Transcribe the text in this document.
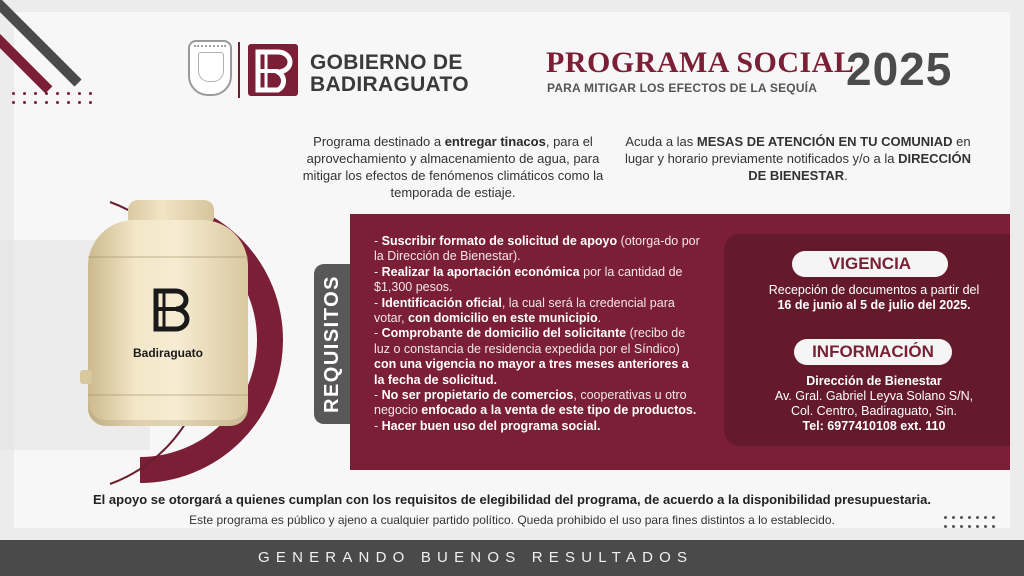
GOBIERNO DE
BADIRAGUATO
PROGRAMA SOCIAL
PARA MITIGAR LOS EFECTOS DE LA SEQUÍA 2025
Programa destinado a entregar tinacos, para el aprovechamiento y almacenamiento de agua, para mitigar los efectos de fenómenos climáticos como la temporada de estiaje.
Acuda a las MESAS DE ATENCIÓN EN TU COMUNIAD en lugar y horario previamente notificados y/o a la DIRECCIÓN DE BIENESTAR.
Badiraguato	REQUISITOS
- Suscribir formato de solicitud de apoyo (otorga-do por la Dirección de Bienestar).
- Realizar la aportación económica por la cantidad de $1,300 pesos.
- Identificación oficial, la cual será la credencial para votar, con domicilio en este municipio.
- Comprobante de domicilio del solicitante (recibo de luz o constancia de residencia expedida por el Síndico) con una vigencia no mayor a tres meses anteriores a la fecha de solicitud.
- No ser propietario de comercios, cooperativas u otro negocio enfocado a la venta de este tipo de productos.
- Hacer buen uso del programa social.
VIGENCIA
Recepción de documentos a partir del
16 de junio al 5 de julio del 2025.
INFORMACIÓN
Dirección de Bienestar
Av. Gral. Gabriel Leyva Solano S/N,
Col. Centro, Badiraguato, Sin.
Tel: 6977410108 ext. 110
El apoyo se otorgará a quienes cumplan con los requisitos de elegibilidad del programa, de acuerdo a la disponibilidad presupuestaria.
Este programa es público y ajeno a cualquier partido político. Queda prohibido el uso para fines distintos a lo establecido.
GENERANDO BUENOS RESULTADOS
